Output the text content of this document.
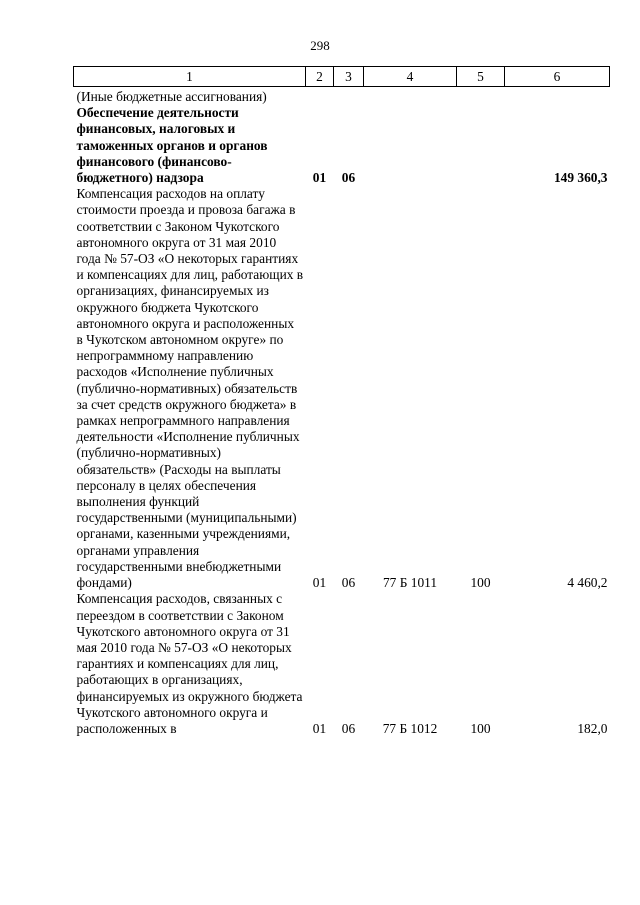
298
1	2	3	4	5	6
(Иные бюджетные ассигнования)					
Обеспечение деятельности финансовых, налоговых и таможенных органов и органов финансового (финансово-бюджетного) надзора	01	06			149 360,3
Компенсация расходов на оплату стоимости проезда и провоза багажа в соответствии с Законом Чукотского автономного округа от 31 мая 2010 года № 57-ОЗ «О некоторых гарантиях и компенсациях для лиц, работающих в организациях, финансируемых из окружного бюджета Чукотского автономного округа и расположенных в Чукотском автономном округе» по непрограммному направлению расходов «Исполнение публичных (публично-нормативных) обязательств за счет средств окружного бюджета» в рамках непрограммного направления деятельности «Исполнение публичных (публично-нормативных) обязательств» (Расходы на выплаты персоналу в целях обеспечения выполнения функций государственными (муниципальными) органами, казенными учреждениями, органами управления государственными внебюджетными фондами)	01	06	77 Б 1011	100	4 460,2
Компенсация расходов, связанных с переездом в соответствии с Законом Чукотского автономного округа от 31 мая 2010 года № 57-ОЗ «О некоторых гарантиях и компенсациях для лиц, работающих в организациях, финансируемых из окружного бюджета Чукотского автономного округа и расположенных в	01	06	77 Б 1012	100	182,0
